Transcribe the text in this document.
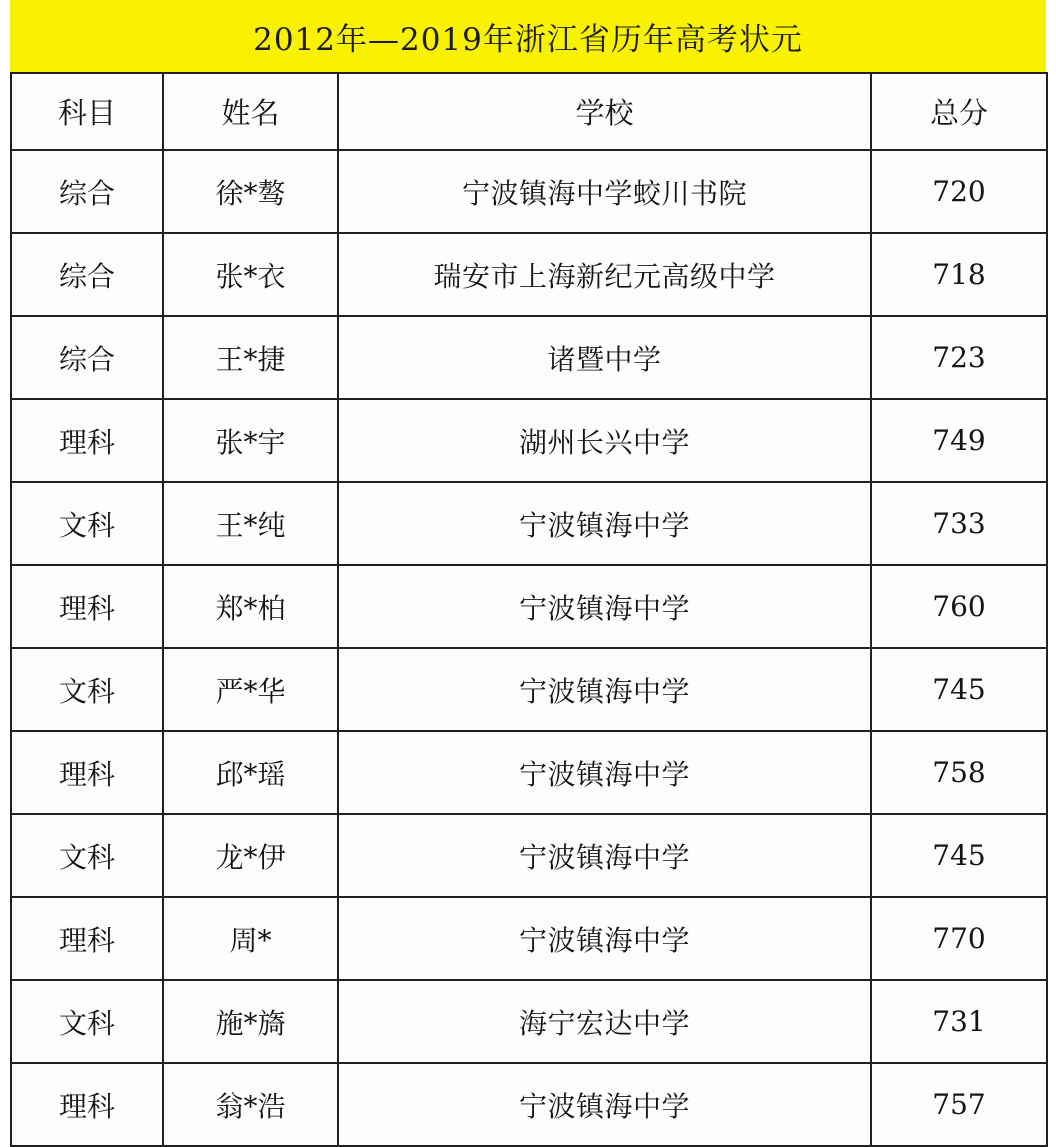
2012年—2019年浙江省历年高考状元
科目	姓名	学校	总分
综合	徐*骜	宁波镇海中学蛟川书院	720
综合	张*衣	瑞安市上海新纪元高级中学	718
综合	王*捷	诸暨中学	723
理科	张*宇	湖州长兴中学	749
文科	王*纯	宁波镇海中学	733
理科	郑*柏	宁波镇海中学	760
文科	严*华	宁波镇海中学	745
理科	邱*瑶	宁波镇海中学	758
文科	龙*伊	宁波镇海中学	745
理科	周*	宁波镇海中学	770
文科	施*旖	海宁宏达中学	731
理科	翁*浩	宁波镇海中学	757
